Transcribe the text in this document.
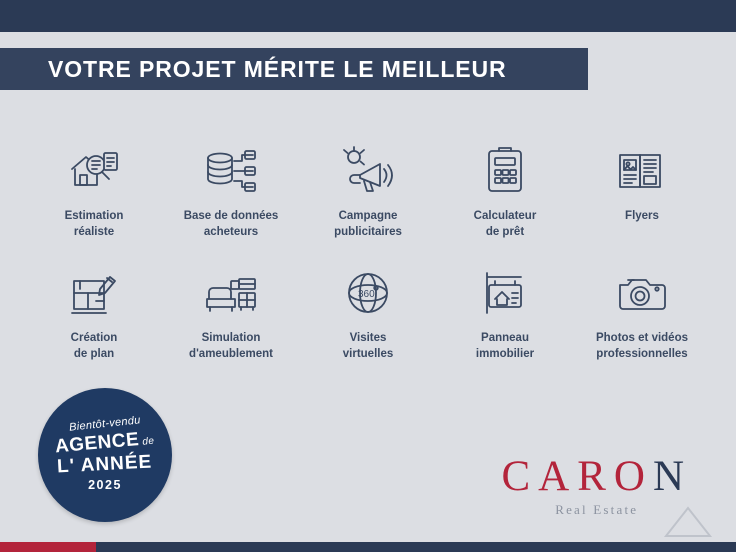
VOTRE PROJET MÉRITE LE MEILLEUR
Estimation
réaliste
Base de données
acheteurs
Campagne
publicitaires
Calculateur
de prêt
Flyers
Création
de plan
Simulation
d'ameublement
360
Visites
virtuelles
Panneau
immobilier
Photos et vidéos
professionnelles
Bientôt-vendu
AGENCE de
L' ANNÉE
2025	CARON
Real Estate
